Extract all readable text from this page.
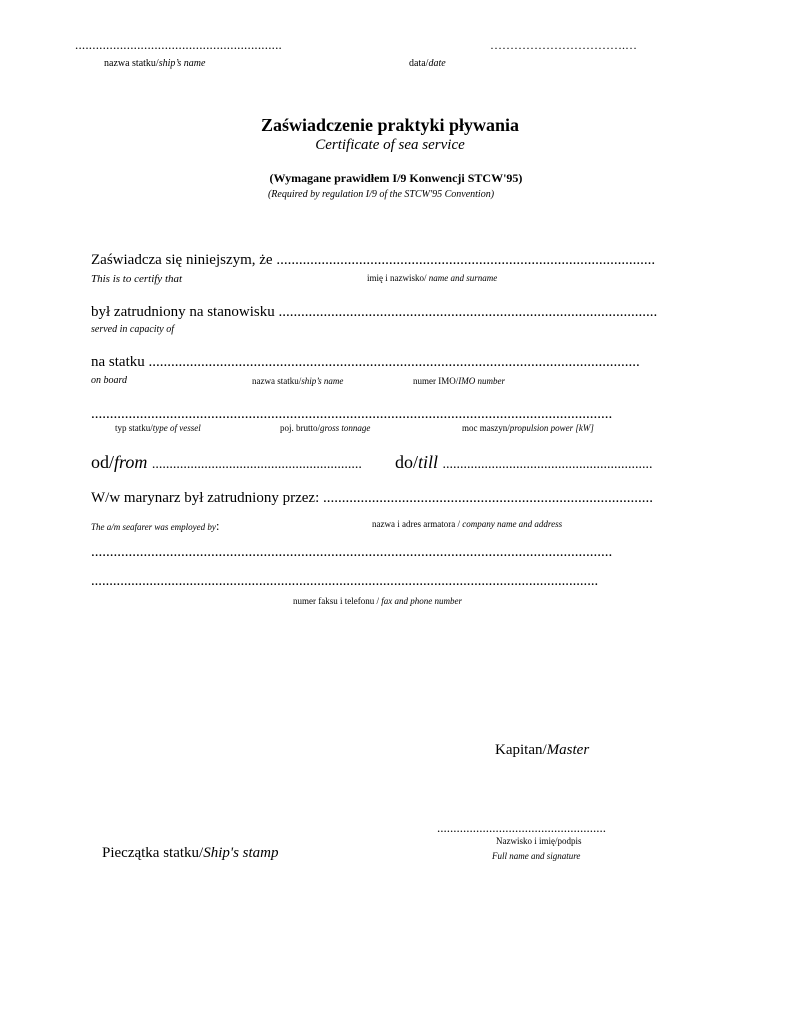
............................................................
nazwa statku/ship’s name
…………………………….…
data/date
Zaświadczenie praktyki pływania
Certificate of sea service
(Wymagane prawidłem I/9 Konwencji STCW'95)
(Required by regulation I/9 of the STCW'95 Convention)
Zaświadcza się niniejszym, że .....................................................................................................
This is to certify that	imię i nazwisko/ name and surname
był zatrudniony na stanowisku .....................................................................................................
served in capacity of
na statku ...................................................................................................................................
on board	nazwa statku/ship’s name	numer IMO/IMO number
...........................................................................................................................................
typ statku/type of vessel	poj. brutto/gross tonnage	moc maszyn/propulsion power [kW]
od/from ............................................................ do/till ............................................................
W/w marynarz był zatrudniony przez: ........................................................................................
The a/m seafarer was employed by:	nazwa i adres armatora / company name and address
...........................................................................................................................................
...........................................................................................................................................
numer faksu i telefonu / fax and phone number
Kapitan/Master
....................................................
Nazwisko i imię/podpis
Full name and signature
Pieczątka statku/Ship's stamp
